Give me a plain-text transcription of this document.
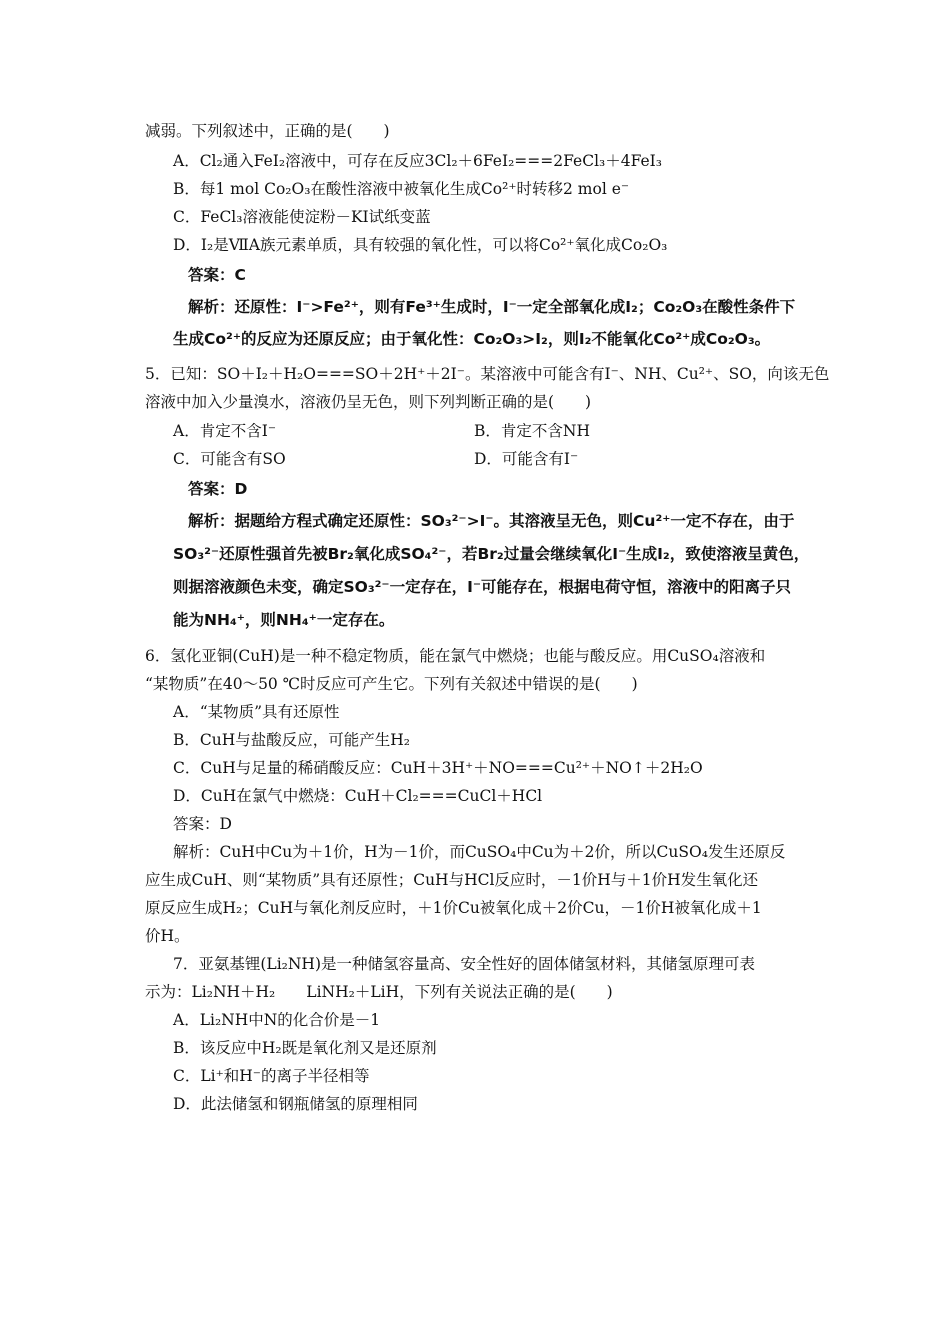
减弱。下列叙述中，正确的是(　　)
A．Cl₂通入FeI₂溶液中，可存在反应3Cl₂＋6FeI₂===2FeCl₃＋4FeI₃
B．每1 mol Co₂O₃在酸性溶液中被氧化生成Co²⁺时转移2 mol e⁻
C．FeCl₃溶液能使淀粉－KI试纸变蓝
D．I₂是ⅦA族元素单质，具有较强的氧化性，可以将Co²⁺氧化成Co₂O₃
答案：C
解析：还原性：I⁻>Fe²⁺，则有Fe³⁺生成时，I⁻一定全部氧化成I₂；Co₂O₃在酸性条件下
生成Co²⁺的反应为还原反应；由于氧化性：Co₂O₃>I₂，则I₂不能氧化Co²⁺成Co₂O₃。
5．已知：SO＋I₂＋H₂O===SO＋2H⁺＋2I⁻。某溶液中可能含有I⁻、NH、Cu²⁺、SO，向该无色
溶液中加入少量溴水，溶液仍呈无色，则下列判断正确的是(　　)
A．肯定不含I⁻	B．肯定不含NH
C．可能含有SO	D．可能含有I⁻
答案：D
解析：据题给方程式确定还原性：SO₃²⁻>I⁻。其溶液呈无色，则Cu²⁺一定不存在，由于
SO₃²⁻还原性强首先被Br₂氧化成SO₄²⁻，若Br₂过量会继续氧化I⁻生成I₂，致使溶液呈黄色，
则据溶液颜色未变，确定SO₃²⁻一定存在，I⁻可能存在，根据电荷守恒，溶液中的阳离子只
能为NH₄⁺，则NH₄⁺一定存在。
6．氢化亚铜(CuH)是一种不稳定物质，能在氯气中燃烧；也能与酸反应。用CuSO₄溶液和
“某物质”在40～50 ℃时反应可产生它。下列有关叙述中错误的是(　　)
A．“某物质”具有还原性
B．CuH与盐酸反应，可能产生H₂
C．CuH与足量的稀硝酸反应：CuH＋3H⁺＋NO===Cu²⁺＋NO↑＋2H₂O
D．CuH在氯气中燃烧：CuH＋Cl₂===CuCl＋HCl
答案：D
解析：CuH中Cu为＋1价，H为－1价，而CuSO₄中Cu为＋2价，所以CuSO₄发生还原反
应生成CuH、则“某物质”具有还原性；CuH与HCl反应时，－1价H与＋1价H发生氧化还
原反应生成H₂；CuH与氧化剂反应时，＋1价Cu被氧化成＋2价Cu，－1价H被氧化成＋1
价H。
7．亚氨基锂(Li₂NH)是一种储氢容量高、安全性好的固体储氢材料，其储氢原理可表
示为：Li₂NH＋H₂　　LiNH₂＋LiH，下列有关说法正确的是(　　)
A．Li₂NH中N的化合价是－1
B．该反应中H₂既是氧化剂又是还原剂
C．Li⁺和H⁻的离子半径相等
D．此法储氢和钢瓶储氢的原理相同
